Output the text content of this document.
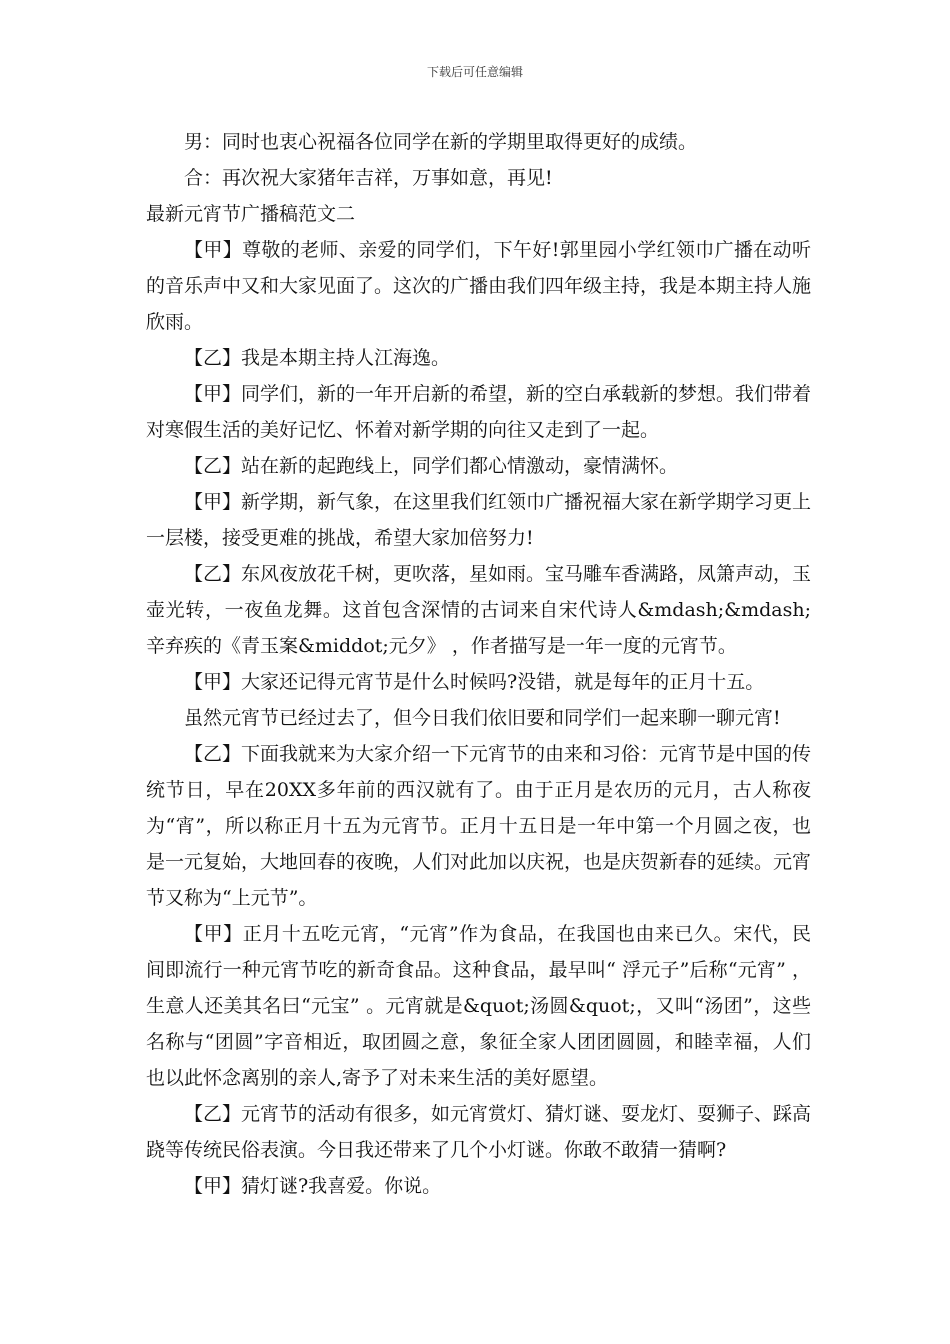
下载后可任意编辑

男：同时也衷心祝福各位同学在新的学期里取得更好的成绩。

合：再次祝大家猪年吉祥，万事如意，再见!

最新元宵节广播稿范文二

【甲】尊敬的老师、亲爱的同学们，下午好!郭里园小学红领巾广播在动听的音乐声中又和大家见面了。这次的广播由我们四年级主持，我是本期主持人施欣雨。

【乙】我是本期主持人江海逸。

【甲】同学们，新的一年开启新的希望，新的空白承载新的梦想。我们带着对寒假生活的美好记忆、怀着对新学期的向往又走到了一起。

【乙】站在新的起跑线上，同学们都心情激动，豪情满怀。

【甲】新学期，新气象，在这里我们红领巾广播祝福大家在新学期学习更上一层楼，接受更难的挑战，希望大家加倍努力!

【乙】东风夜放花千树，更吹落，星如雨。宝马雕车香满路，凤箫声动，玉壶光转，一夜鱼龙舞。这首包含深情的古词来自宋代诗人&mdash;&mdash;辛弃疾的《青玉案&middot;元夕》 ，作者描写是一年一度的元宵节。

【甲】大家还记得元宵节是什么时候吗?没错，就是每年的正月十五。

虽然元宵节已经过去了，但今日我们依旧要和同学们一起来聊一聊元宵!

【乙】下面我就来为大家介绍一下元宵节的由来和习俗：元宵节是中国的传统节日，早在20XX多年前的西汉就有了。由于正月是农历的元月，古人称夜为“宵”，所以称正月十五为元宵节。正月十五日是一年中第一个月圆之夜，也是一元复始，大地回春的夜晚，人们对此加以庆祝，也是庆贺新春的延续。元宵节又称为“上元节”。

【甲】正月十五吃元宵，“元宵”作为食品，在我国也由来已久。宋代，民间即流行一种元宵节吃的新奇食品。这种食品，最早叫“ 浮元子”后称“元宵” ，生意人还美其名曰“元宝” 。元宵就是&quot;汤圆&quot;，又叫“汤团”，这些名称与“团圆”字音相近，取团圆之意，象征全家人团团圆圆，和睦幸福，人们也以此怀念离别的亲人,寄予了对未来生活的美好愿望。

【乙】元宵节的活动有很多，如元宵赏灯、猜灯谜、耍龙灯、耍狮子、踩高跷等传统民俗表演。今日我还带来了几个小灯谜。你敢不敢猜一猜啊?

【甲】猜灯谜?我喜爱。你说。
